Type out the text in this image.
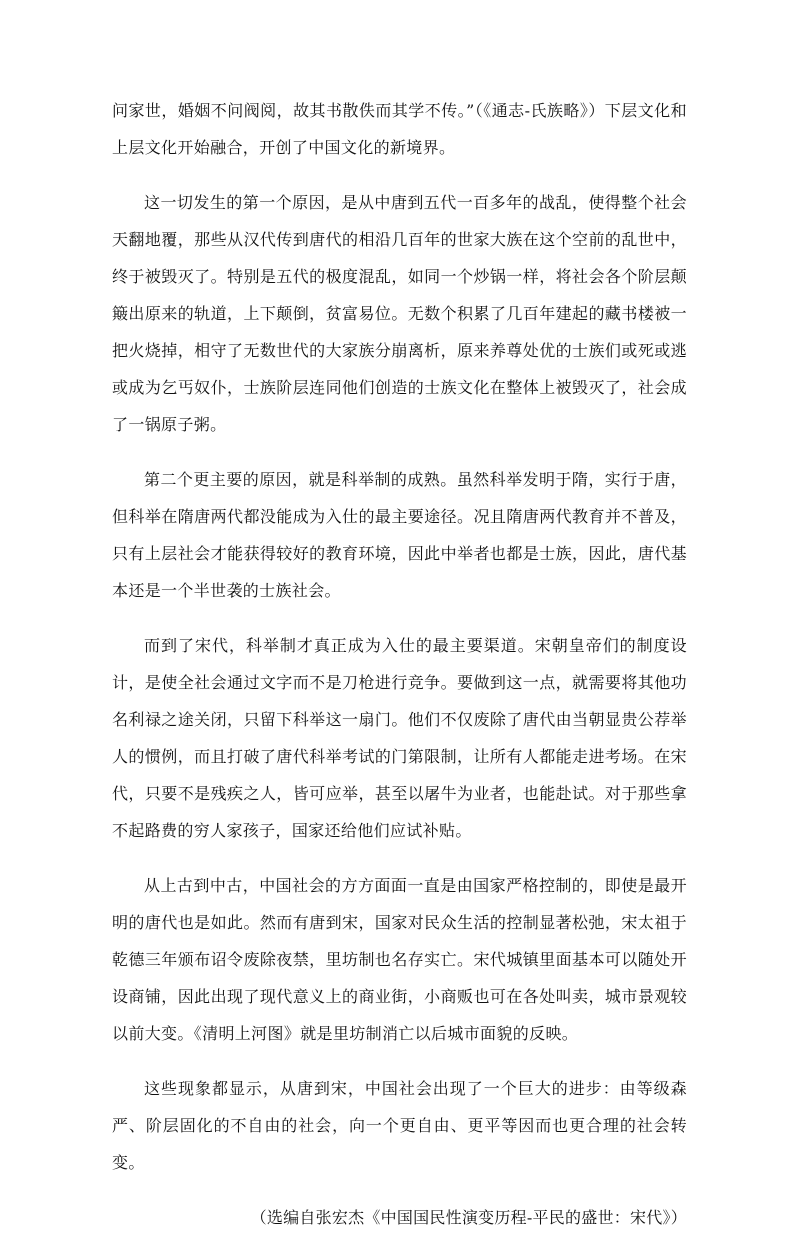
问家世，婚姻不问阀阅，故其书散佚而其学不传。”（《通志-氏族略》）下层文化和上层文化开始融合，开创了中国文化的新境界。

这一切发生的第一个原因，是从中唐到五代一百多年的战乱，使得整个社会天翻地覆，那些从汉代传到唐代的相沿几百年的世家大族在这个空前的乱世中，终于被毁灭了。特别是五代的极度混乱，如同一个炒锅一样，将社会各个阶层颠簸出原来的轨道，上下颠倒，贫富易位。无数个积累了几百年建起的藏书楼被一把火烧掉，相守了无数世代的大家族分崩离析，原来养尊处优的士族们或死或逃或成为乞丐奴仆，士族阶层连同他们创造的士族文化在整体上被毁灭了，社会成了一锅原子粥。

第二个更主要的原因，就是科举制的成熟。虽然科举发明于隋，实行于唐，但科举在隋唐两代都没能成为入仕的最主要途径。况且隋唐两代教育并不普及，只有上层社会才能获得较好的教育环境，因此中举者也都是士族，因此，唐代基本还是一个半世袭的士族社会。

而到了宋代，科举制才真正成为入仕的最主要渠道。宋朝皇帝们的制度设计，是使全社会通过文字而不是刀枪进行竞争。要做到这一点，就需要将其他功名利禄之途关闭，只留下科举这一扇门。他们不仅废除了唐代由当朝显贵公荐举人的惯例，而且打破了唐代科举考试的门第限制，让所有人都能走进考场。在宋代，只要不是残疾之人，皆可应举，甚至以屠牛为业者，也能赴试。对于那些拿不起路费的穷人家孩子，国家还给他们应试补贴。

从上古到中古，中国社会的方方面面一直是由国家严格控制的，即使是最开明的唐代也是如此。然而有唐到宋，国家对民众生活的控制显著松弛，宋太祖于乾德三年颁布诏令废除夜禁，里坊制也名存实亡。宋代城镇里面基本可以随处开设商铺，因此出现了现代意义上的商业街，小商贩也可在各处叫卖，城市景观较以前大变。《清明上河图》就是里坊制消亡以后城市面貌的反映。

这些现象都显示，从唐到宋，中国社会出现了一个巨大的进步：由等级森严、阶层固化的不自由的社会，向一个更自由、更平等因而也更合理的社会转变。

（选编自张宏杰《中国国民性演变历程-平民的盛世：宋代》）
